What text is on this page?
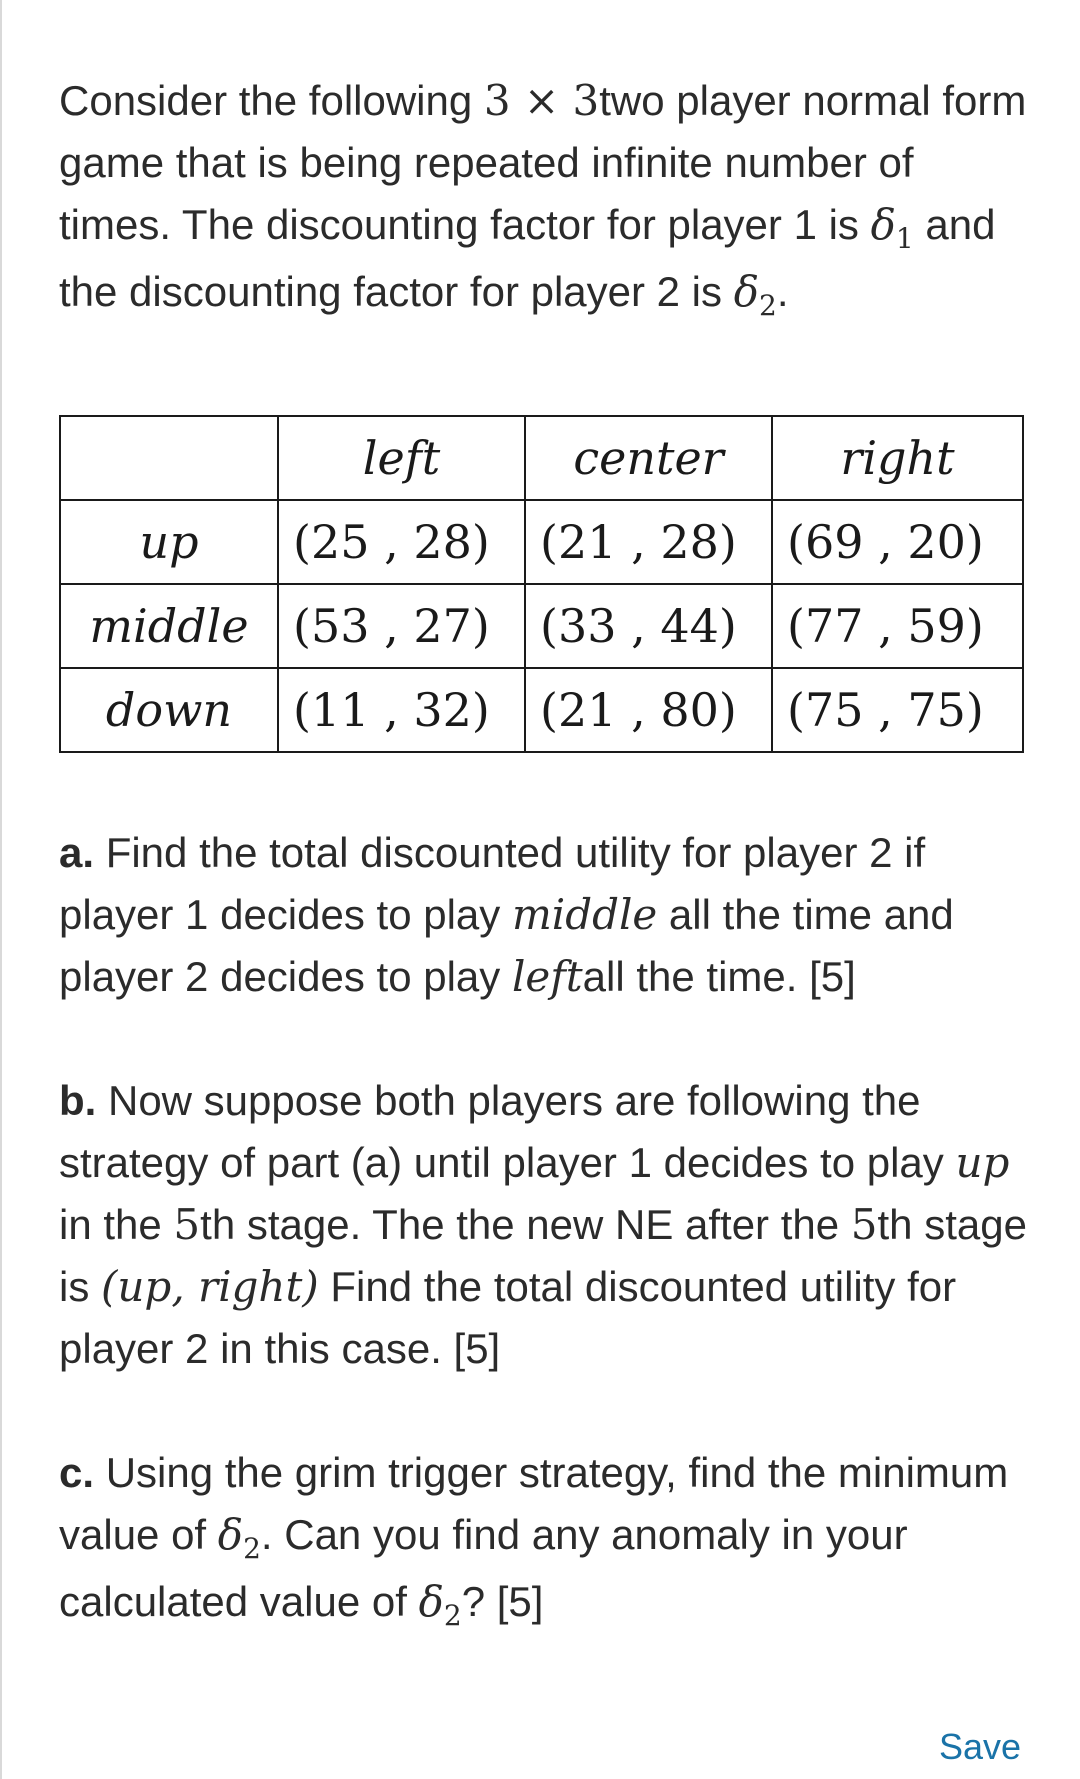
Consider the following 3 × 3two player normal form game that is being repeated infinite number of times. The discounting factor for player 1 is $\delta_1$ and the discounting factor for player 2 is $\delta_2$.

	left	center	right
up	(25 , 28)	(21 , 28)	(69 , 20)
middle	(53 , 27)	(33 , 44)	(77 , 59)
down	(11 , 32)	(21 , 80)	(75 , 75)

a. Find the total discounted utility for player 2 if player 1 decides to play middle all the time and player 2 decides to play leftall the time. [5]

b. Now suppose both players are following the strategy of part (a) until player 1 decides to play up in the 5th stage. The the new NE after the 5th stage is (up, right) Find the total discounted utility for player 2 in this case. [5]

c. Using the grim trigger strategy, find the minimum value of $\delta_2$. Can you find any anomaly in your calculated value of $\delta_2$? [5]

Save
